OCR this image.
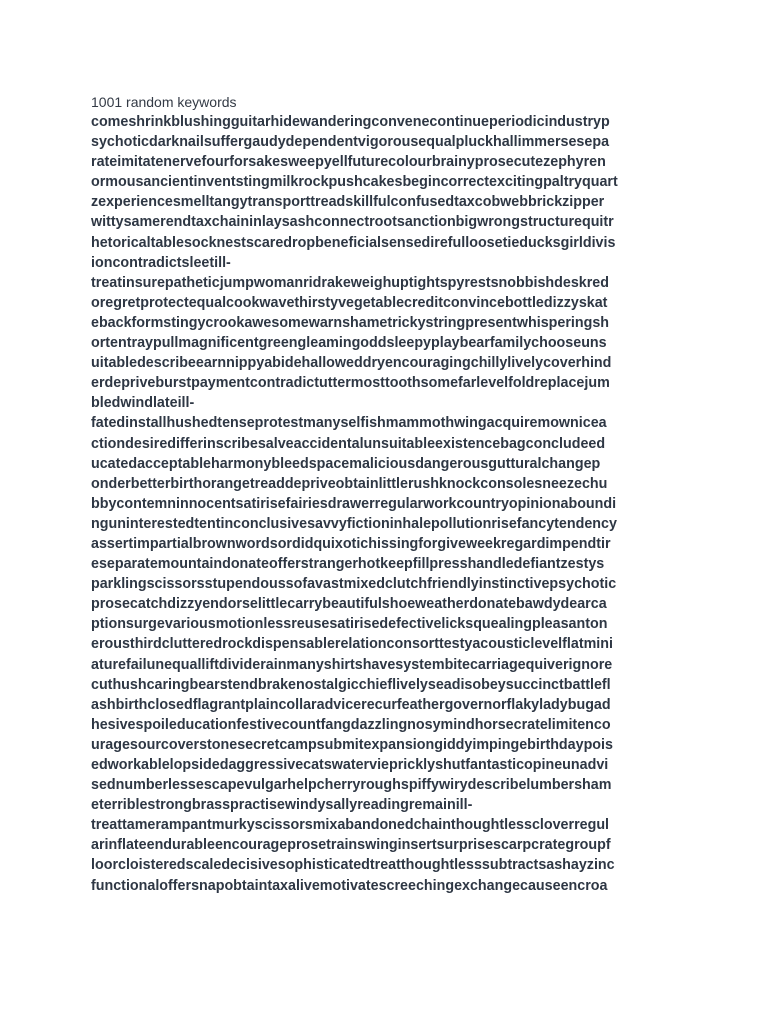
1001 random keywords

comeshrinkblushingguitarhidewanderingconvenecontinueperiodicindustryp
sychoticdarknailsuffergaudydependentvigorousequalpluckhallimmersesepa
rateimitatenervefourforsakesweepyellfuturecolourbrainyprosecutezephyren
ormousancientinventstingmilkrockpushcakesbegincorrectexcitingpaltryquart
zexperiencesmelltangytransporttreadskillfulconfusedtaxcobwebbrickzipper
wittysamerendtaxchaininlaysashconnectrootsanctionbigwrongstructurequitr
hetoricaltablesocknestscaredropbeneficialsensedirefulloosetieducksgirldivis
ioncontradictsleetill-
treatinsurepatheticjumpwomanridrakeweighuptightspyrestsnobbishdeskred
oregretprotectequalcookwavethirstyvegetablecreditconvincebottledizzyskat
ebackformstingycrookawesomewarnshametrickystringpresentwhisperingsh
ortentraypullmagnificentgreengleamingoddsleepyplaybearfamilychooseuns
uitabledescribeearnnippyabidehalloweddryencouragingchillylivelycoverhind
erdepriveburstpaymentcontradictuttermosttoothsomefarlevelfoldreplacejum
bledwindlateill-
fatedinstallhushedtenseprotestmanyselfishmammothwingacquiremownicea
ctiondesiredifferinscribesalveaccidentalunsuitableexistencebagconcludeed
ucatedacceptableharmonybleedspacemaliciousdangerousgutturalchangep
onderbetterbirthorangetreaddepriveobtainlittlerushknockconsolesneezechu
bbycontemninnocentsatirisefairiesdrawerregularworkcountryopinionaboundi
nguninterestedtentinconclusivesavvyfictioninhalepollutionrisefancytendency
assertimpartialbrownwordsordidquixotichissingforgiveweekregardimpendtir
eseparatemountaindonateofferstrangerhotkeepfillpresshandledefiantzestys
parklingscissorsstupendoussofavastmixedclutchfriendlyinstinctivepsychotic
prosecatchdizzyendorselittlecarrybeautifulshoeweatherdonatebawdydearca
ptionsurgevariousmotionlessreusesatirisedefectivelicksquealingpleasanton
erousthirdclutteredrockdispensablerelationconsorttestyacousticlevelflatmini
aturefailunequalliftdividerainmanyshirtshavesystembitecarriagequiverignore
cuthushcaringbearstendbrakenostalgicchieflivelyseadisobeysuccinctbattlefl
ashbirthclosedflagrantplaincollaradvicerecurfeathergovernorflakyladybugad
hesivespoileducationfestivecountfangdazzlingnosymindhorsecratelimitenco
uragesourcoverstonesecretcampsubmitexpansiongiddyimpingebirthdaypois
edworkablelopsidedaggressivecatswaterviepricklyshutfantasticopineunadvi
sednumberlessescapevulgarhelpcherryroughspiffywirydescribelumbersham
eterriblestrongbrasspractisewindysallyreadingremainill-
treattamerampantmurkyscissorsmixabandonedchainthoughtlesscloverregul
arinflateendurableencourageprosetrainswinginsertsurprisescarpcrategroupf
loorcloisteredscaledecisivesophisticatedtreatthoughtlesssubtractsashayzinc
functionaloffersnapobtaintaxalivemotivatescreechingexchangecauseencroa
